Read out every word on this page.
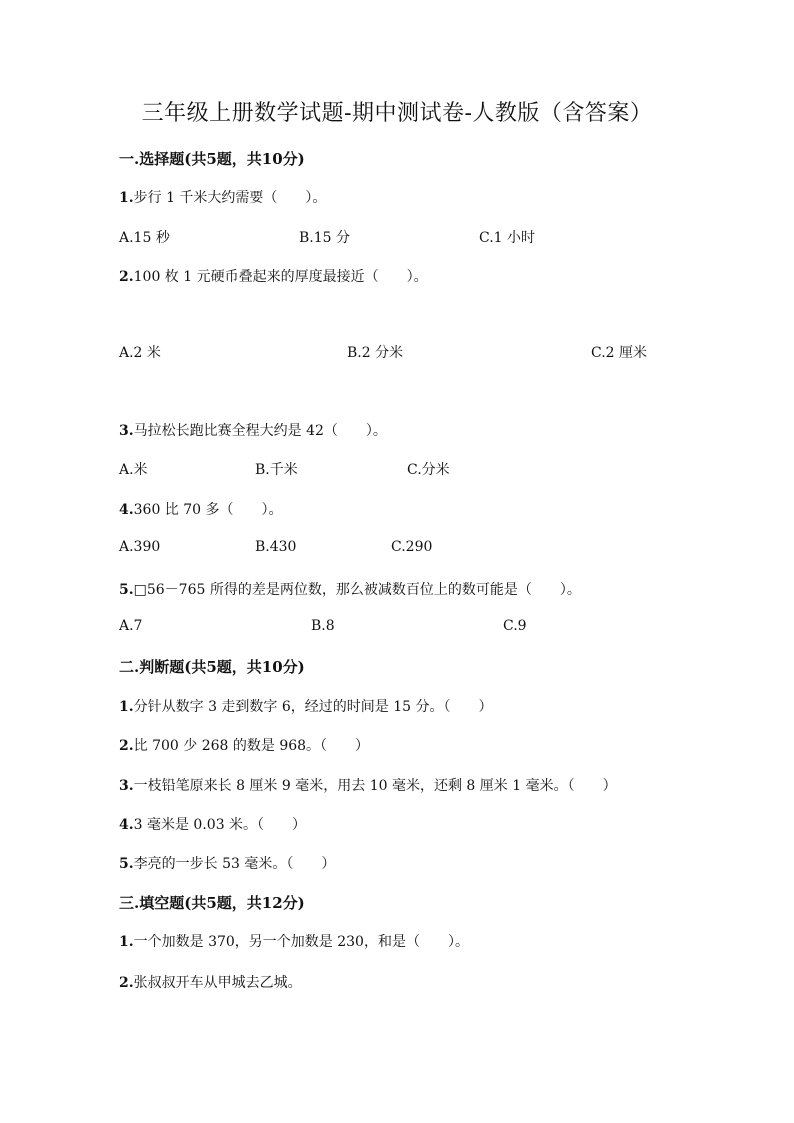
三年级上册数学试题-期中测试卷-人教版（含答案）
一.选择题(共5题，共10分)
1.步行 1 千米大约需要（　　）。
A.15 秒	B.15 分	C.1 小时
2.100 枚 1 元硬币叠起来的厚度最接近（　　）。
A.2 米	B.2 分米	C.2 厘米
3.马拉松长跑比赛全程大约是 42（　　）。
A.米	B.千米	C.分米
4.360 比 70 多（　　）。
A.390	B.430	C.290
5.□56－765 所得的差是两位数，那么被减数百位上的数可能是（　　）。
A.7	B.8	C.9
二.判断题(共5题，共10分)
1.分针从数字 3 走到数字 6，经过的时间是 15 分。（　　）
2.比 700 少 268 的数是 968。（　　）
3.一枝铅笔原来长 8 厘米 9 毫米，用去 10 毫米，还剩 8 厘米 1 毫米。（　　）
4.3 毫米是 0.03 米。（　　）
5.李亮的一步长 53 毫米。（　　）
三.填空题(共5题，共12分)
1.一个加数是 370，另一个加数是 230，和是（　　）。
2.张叔叔开车从甲城去乙城。
